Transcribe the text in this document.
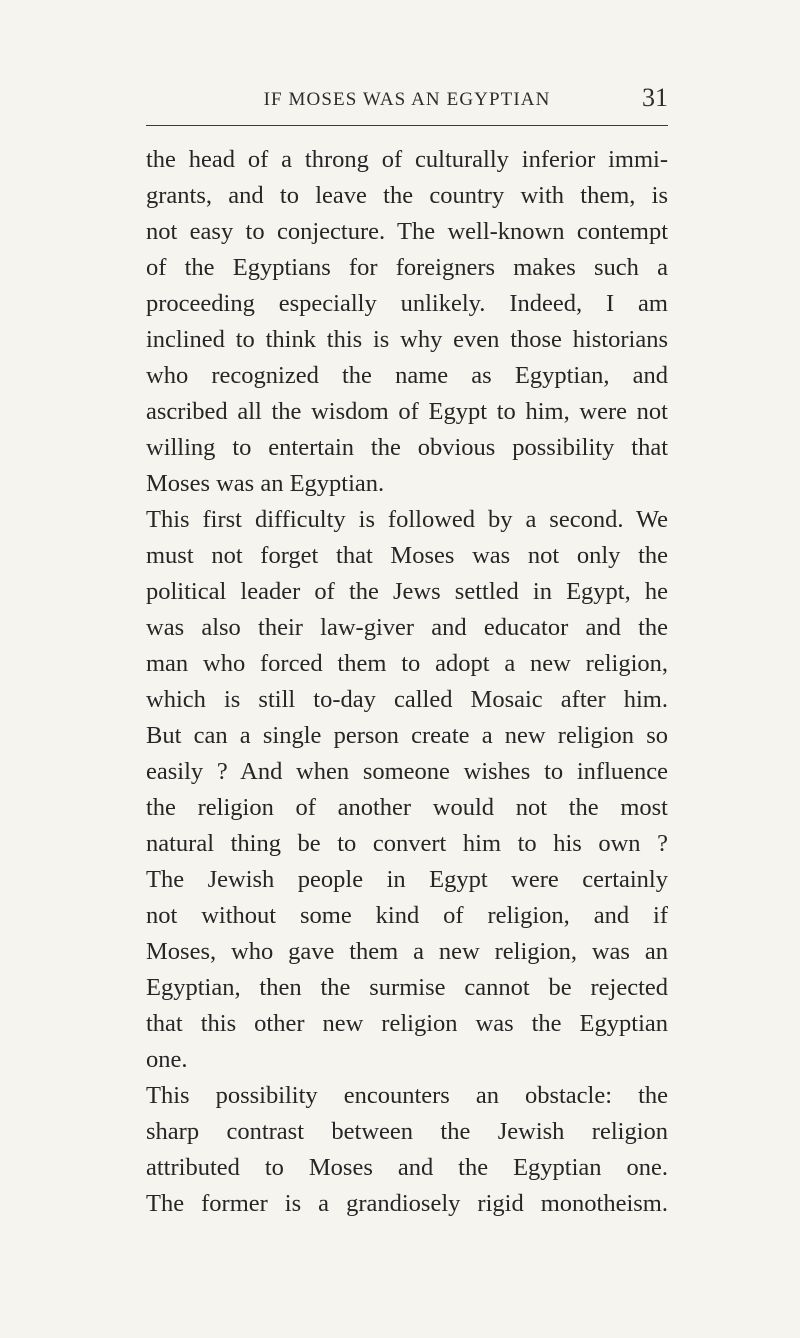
IF MOSES WAS AN EGYPTIAN	31
the head of a throng of culturally inferior immi-
grants, and to leave the country with them, is
not easy to conjecture. The well-known contempt
of the Egyptians for foreigners makes such a
proceeding especially unlikely. Indeed, I am
inclined to think this is why even those historians
who recognized the name as Egyptian, and
ascribed all the wisdom of Egypt to him, were not
willing to entertain the obvious possibility that
Moses was an Egyptian.
This first difficulty is followed by a second. We
must not forget that Moses was not only the
political leader of the Jews settled in Egypt, he
was also their law-giver and educator and the
man who forced them to adopt a new religion,
which is still to-day called Mosaic after him.
But can a single person create a new religion so
easily ? And when someone wishes to influence
the religion of another would not the most
natural thing be to convert him to his own ?
The Jewish people in Egypt were certainly
not without some kind of religion, and if
Moses, who gave them a new religion, was an
Egyptian, then the surmise cannot be rejected
that this other new religion was the Egyptian
one.
This possibility encounters an obstacle: the
sharp contrast between the Jewish religion
attributed to Moses and the Egyptian one.
The former is a grandiosely rigid monotheism.
